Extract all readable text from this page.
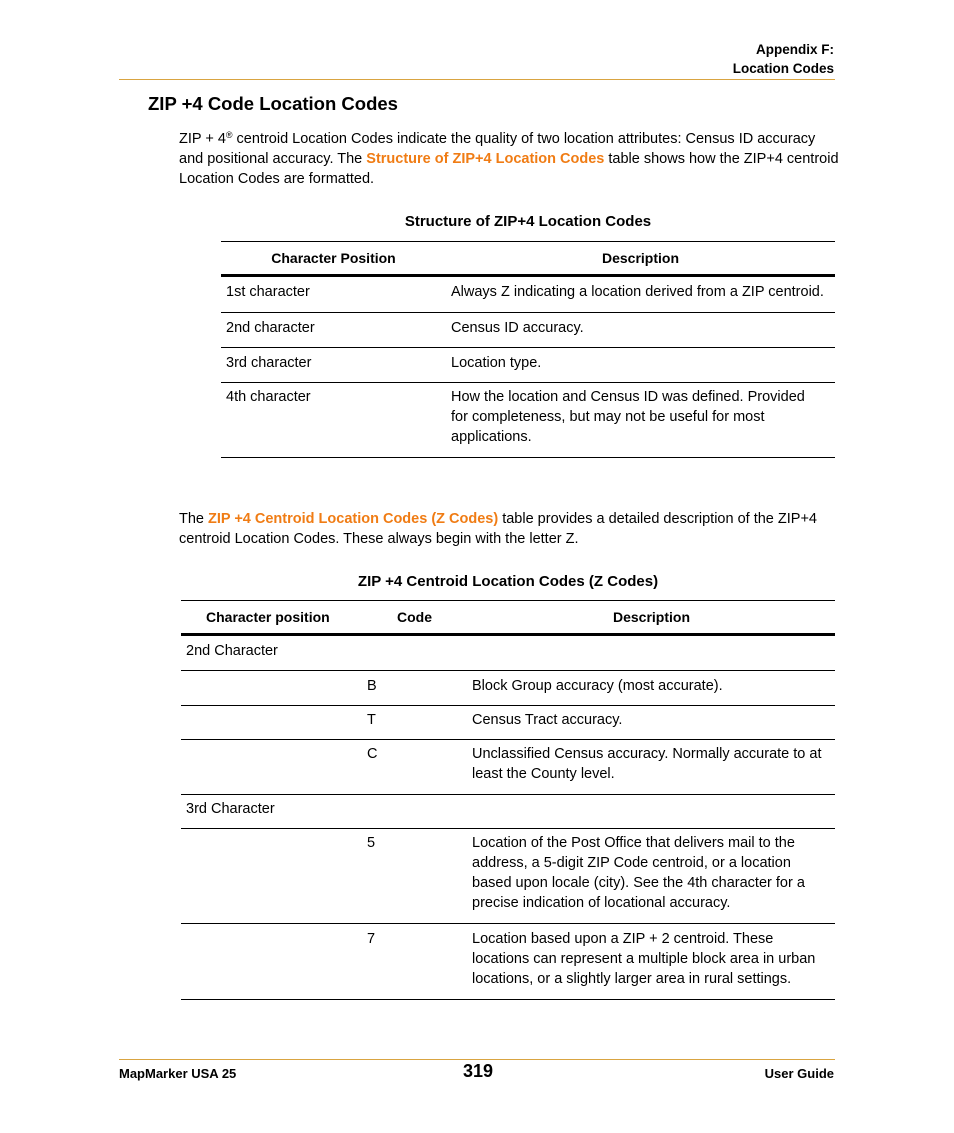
Appendix F:
Location Codes
ZIP +4 Code Location Codes
ZIP + 4® centroid Location Codes indicate the quality of two location attributes: Census ID accuracy and positional accuracy. The Structure of ZIP+4 Location Codes table shows how the ZIP+4 centroid Location Codes are formatted.
Structure of ZIP+4 Location Codes
Character Position	Description
1st character	Always Z indicating a location derived from a ZIP centroid.
2nd character	Census ID accuracy.
3rd character	Location type.
4th character	How the location and Census ID was defined. Provided for completeness, but may not be useful for most applications.
The ZIP +4 Centroid Location Codes (Z Codes) table provides a detailed description of the ZIP+4 centroid Location Codes. These always begin with the letter Z.
ZIP +4 Centroid Location Codes (Z Codes)
Character position	Code	Description
2nd Character		
	B	Block Group accuracy (most accurate).
	T	Census Tract accuracy.
	C	Unclassified Census accuracy. Normally accurate to at least the County level.
3rd Character		
	5	Location of the Post Office that delivers mail to the address, a 5-digit ZIP Code centroid, or a location based upon locale (city). See the 4th character for a precise indication of locational accuracy.
	7	Location based upon a ZIP + 2 centroid. These locations can represent a multiple block area in urban locations, or a slightly larger area in rural settings.
MapMarker USA 25	319	User Guide
